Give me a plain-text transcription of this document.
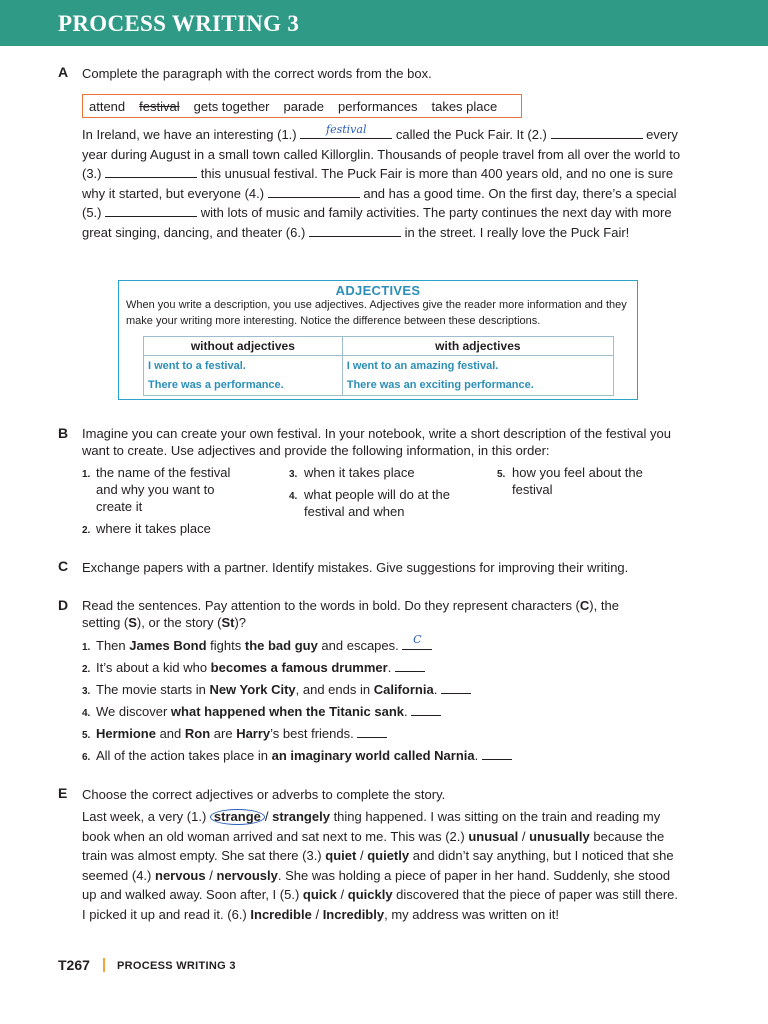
PROCESS WRITING 3
A Complete the paragraph with the correct words from the box.
attend festival gets together parade performances takes place
In Ireland, we have an interesting (1.)	festival	called the Puck Fair. It (2.)	every year during August in a small town called Killorglin. Thousands of people travel from all over the world to (3.)	this unusual festival. The Puck Fair is more than 400 years old, and no one is sure why it started, but everyone (4.)	and has a good time. On the first day, there’s a special (5.)	with lots of music and family activities. The party continues the next day with more great singing, dancing, and theater (6.)	in the street. I really love the Puck Fair!
ADJECTIVES
When you write a description, you use adjectives. Adjectives give the reader more information and they make your writing more interesting. Notice the difference between these descriptions.
without adjectives	with adjectives
I went to a festival.	I went to an amazing festival.
There was a performance.	There was an exciting performance.
B Imagine you can create your own festival. In your notebook, write a short description of the festival you want to create. Use adjectives and provide the following information, in this order:
1. the name of the festival and why you want to create it
2. where it takes place
3. when it takes place
4. what people will do at the festival and when
5. how you feel about the festival
C Exchange papers with a partner. Identify mistakes. Give suggestions for improving their writing.
D Read the sentences. Pay attention to the words in bold. Do they represent characters (C), the setting (S), or the story (St)?
1. Then James Bond fights the bad guy and escapes.	C
2. It’s about a kid who becomes a famous drummer.
3. The movie starts in New York City, and ends in California.
4. We discover what happened when the Titanic sank.
5. Hermione and Ron are Harry’s best friends.
6. All of the action takes place in an imaginary world called Narnia.
E Choose the correct adjectives or adverbs to complete the story.
Last week, a very (1.) strange / strangely thing happened. I was sitting on the train and reading my book when an old woman arrived and sat next to me. This was (2.) unusual / unusually because the train was almost empty. She sat there (3.) quiet / quietly and didn’t say anything, but I noticed that she seemed (4.) nervous / nervously. She was holding a piece of paper in her hand. Suddenly, she stood up and walked away. Soon after, I (5.) quick / quickly discovered that the piece of paper was still there. I picked it up and read it. (6.) Incredible / Incredibly, my address was written on it!
T267 PROCESS WRITING 3
